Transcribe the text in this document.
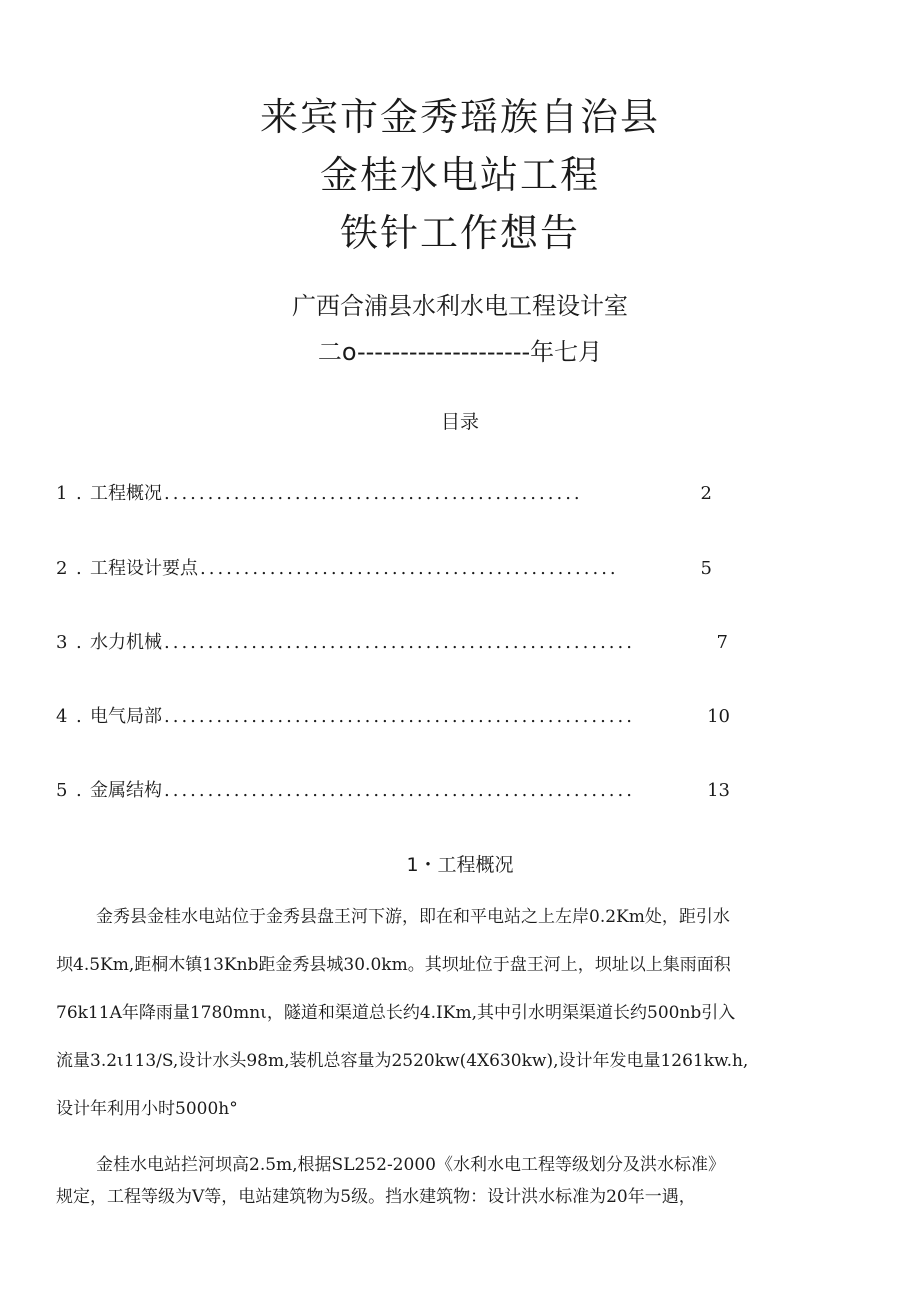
来宾市金秀瑶族自治县
金桂水电站工程
铁针工作想告
广西合浦县水利水电工程设计室
二o--------------------年七月
目录
1 . 工程概况 ................................................	2
2 . 工程设计要点 ................................................	5
3 . 水力机械 ......................................................	7
4 . 电气局部 ......................................................	10
5 . 金属结构 ......................................................	13
1・工程概况
金秀县金桂水电站位于金秀县盘王河下游，即在和平电站之上左岸0.2Km处，距引水
坝4.5Km,距桐木镇13Knb距金秀县城30.0km。其坝址位于盘王河上，坝址以上集雨面积
76k11A年降雨量1780mnι，隧道和渠道总长约4.IKm,其中引水明渠渠道长约500nb引入
流量3.2ι113∕S,设计水头98m,装机总容量为2520kw(4X630kw),设计年发电量1261kw.h,
设计年利用小时5000h°
金桂水电站拦河坝高2.5m,根据SL252-2000《水利水电工程等级划分及洪水标准》
规定，工程等级为V等，电站建筑物为5级。挡水建筑物：设计洪水标准为20年一遇，
